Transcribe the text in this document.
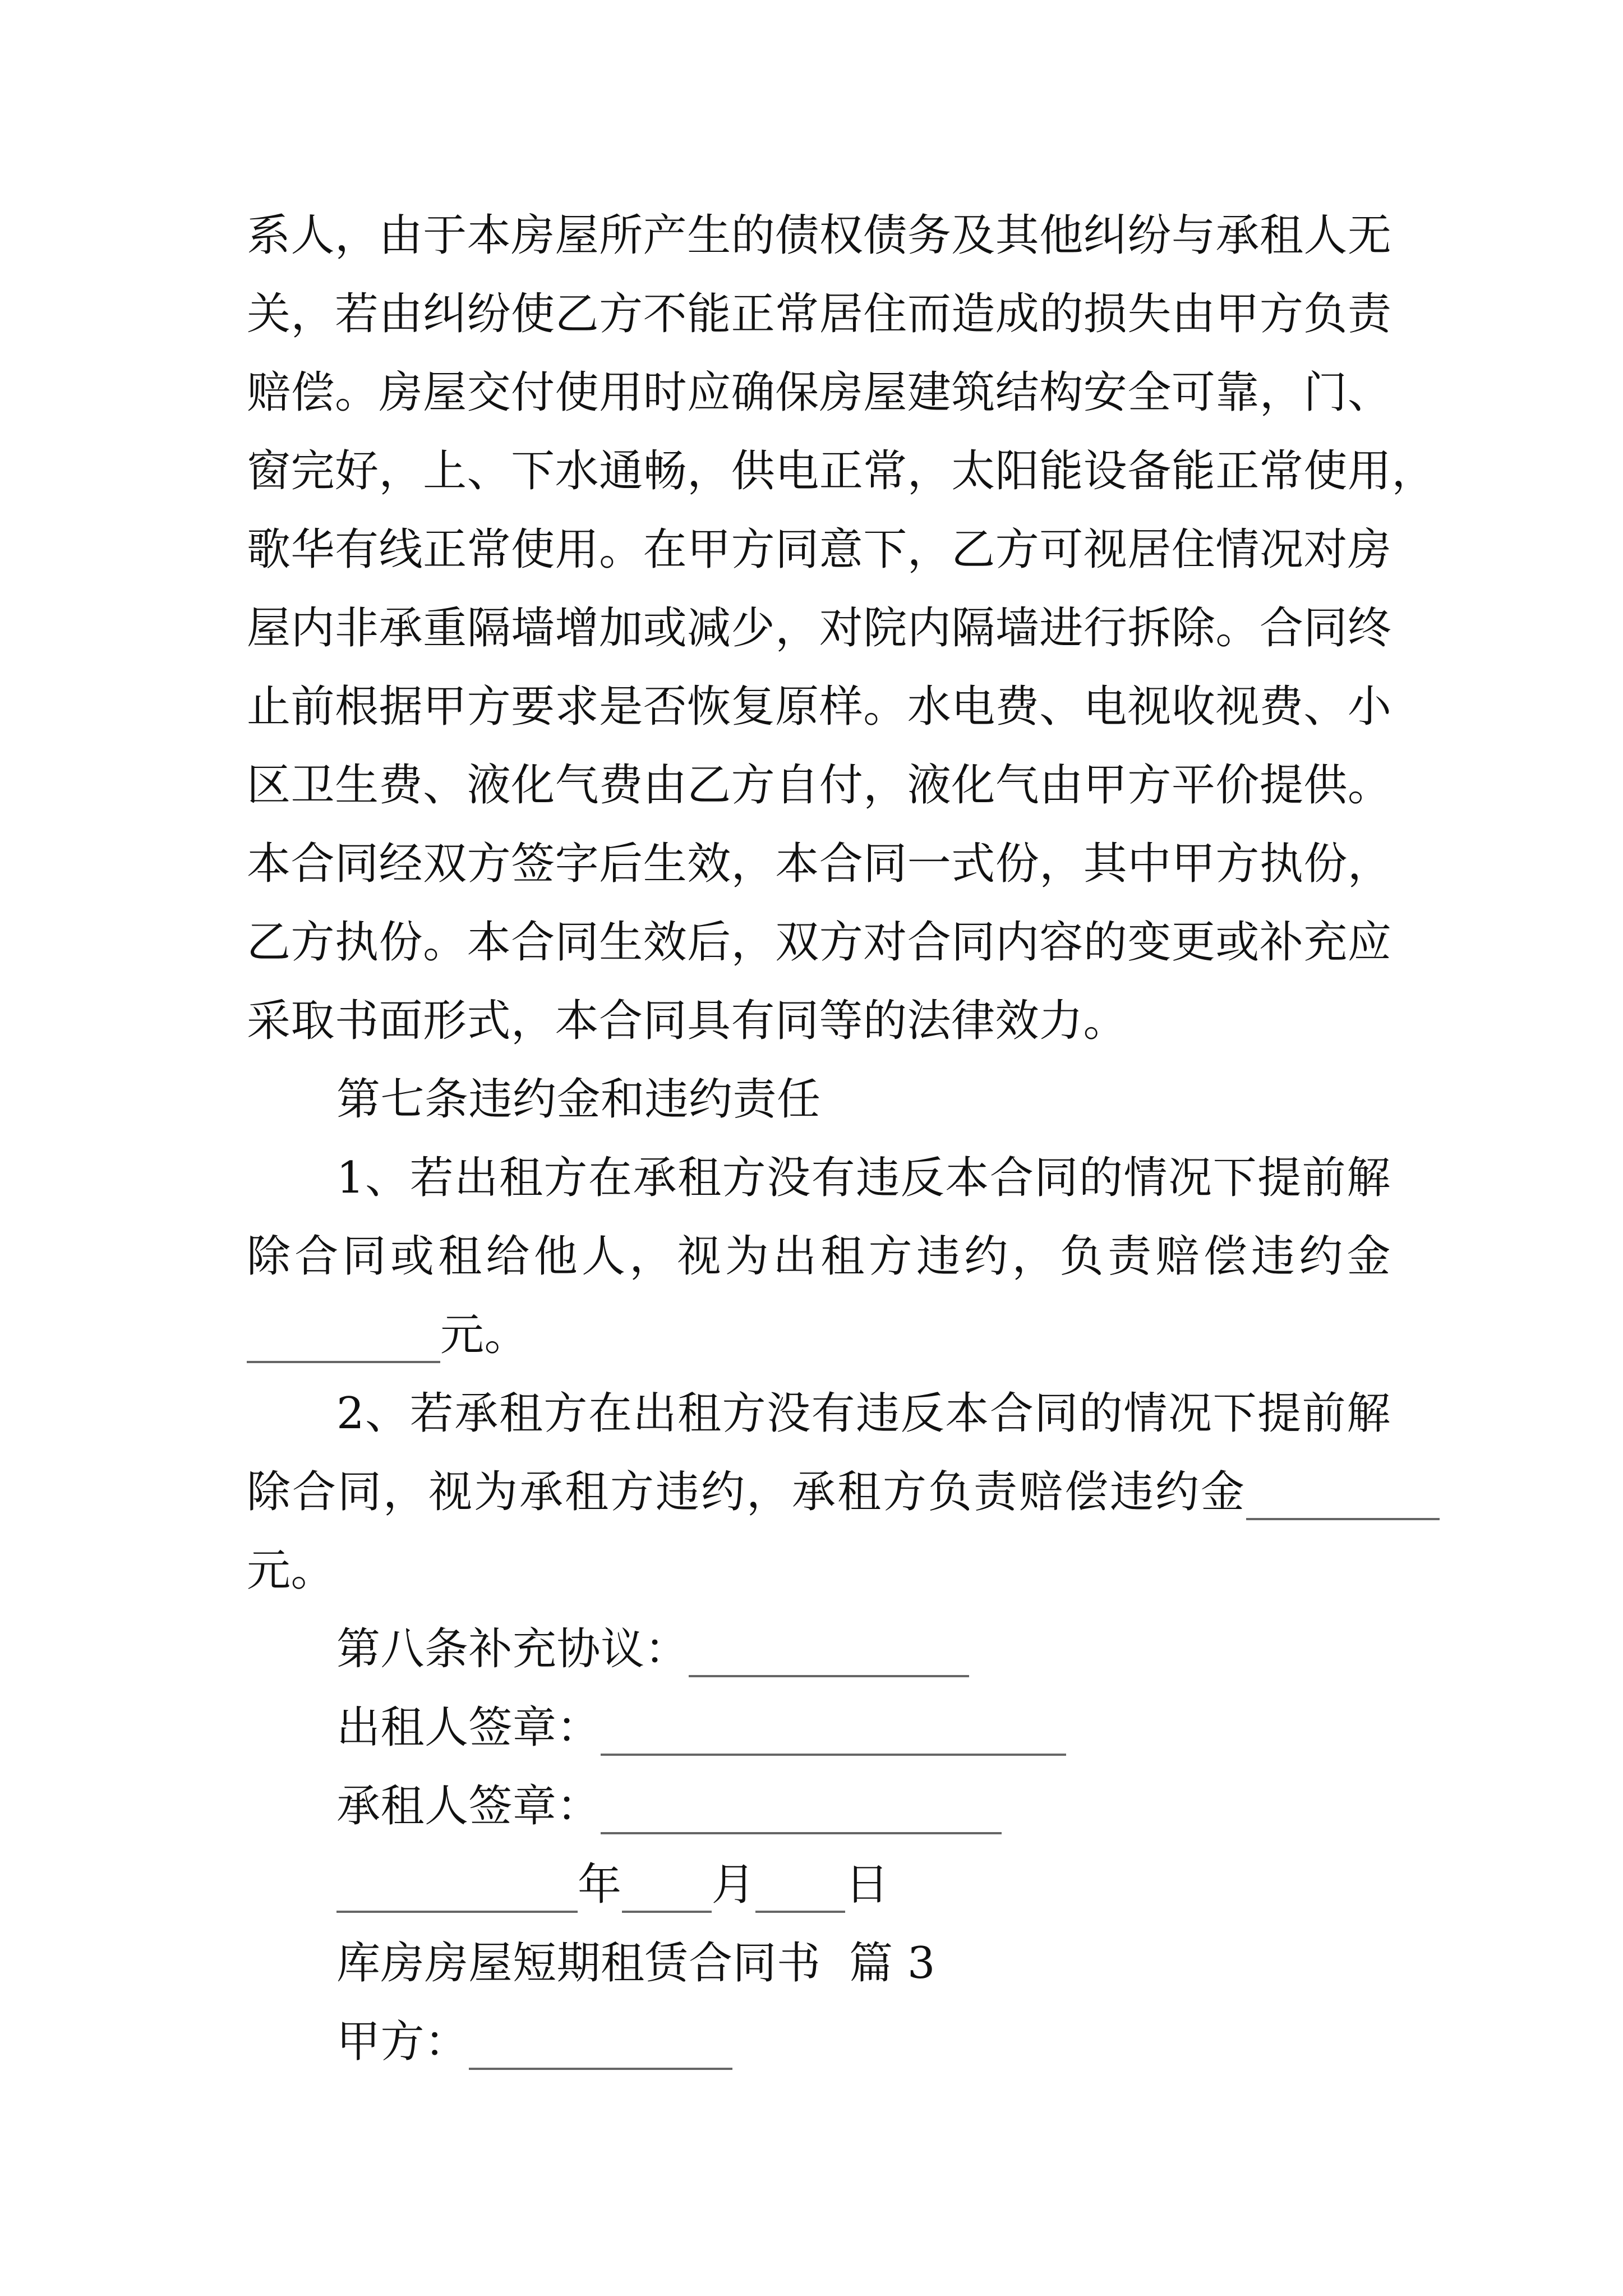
系 人 ， 由 于 本 房 屋 所 产 生 的 债 权 债 务 及 其 他 纠 纷 与 承 租 人 无
关 ， 若 由 纠 纷 使 乙 方 不 能 正 常 居 住 而 造 成 的 损 失 由 甲 方 负 责
赔 偿 。 房 屋 交 付 使 用 时 应 确 保 房 屋 建 筑 结 构 安 全 可 靠 ， 门 、
窗 完 好 ， 上 、 下 水 通 畅 ， 供 电 正 常 ， 太 阳 能 设 备 能 正 常 使 用 ，
歌 华 有 线 正 常 使 用 。 在 甲 方 同 意 下 ， 乙 方 可 视 居 住 情 况 对 房
屋 内 非 承 重 隔 墙 增 加 或 减 少 ， 对 院 内 隔 墙 进 行 拆 除 。 合 同 终
止 前 根 据 甲 方 要 求 是 否 恢 复 原 样 。 水 电 费 、 电 视 收 视 费 、 小
区 卫 生 费 、 液 化 气 费 由 乙 方 自 付 ， 液 化 气 由 甲 方 平 价 提 供 。
本 合 同 经 双 方 签 字 后 生 效 ， 本 合 同 一 式 份 ， 其 中 甲 方 执 份 ，
乙 方 执 份 。 本 合 同 生 效 后 ， 双 方 对 合 同 内 容 的 变 更 或 补 充 应
采取书面形式，本合同具有同等的法律效力。
第七条违约金和违约责任
1 、 若 出 租 方 在 承 租 方 没 有 违 反 本 合 同 的 情 况 下 提 前 解
除 合 同 或 租 给 他 人 ， 视 为 出 租 方 违 约 ， 负 责 赔 偿 违 约 金
元。
2 、 若 承 租 方 在 出 租 方 没 有 违 反 本 合 同 的 情 况 下 提 前 解
除合同，视为承租方违约，承租方负责赔偿违约金
元。
第八条补充协议：
出租人签章：
承租人签章：
年 月 日
库房房屋短期租赁合同书  篇 3
甲方：
